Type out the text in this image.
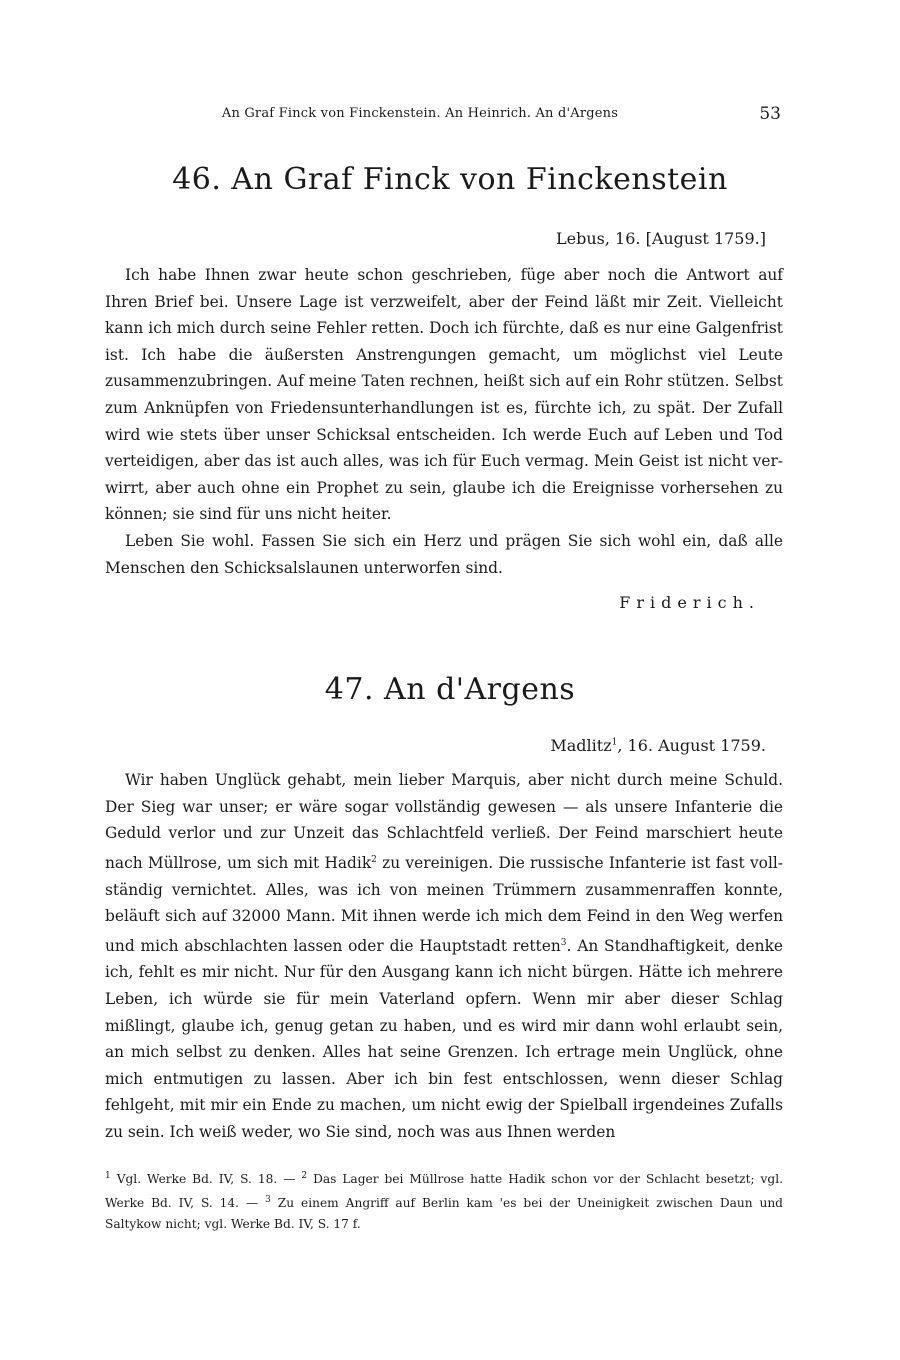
An Graf Finck von Finckenstein. An Heinrich. An d'Argens	53
46. An Graf Finck von Finckenstein
Lebus, 16. [August 1759.]

Ich habe Ihnen zwar heute schon geschrieben, füge aber noch die Antwort auf Ihren Brief bei. Unsere Lage ist verzweifelt, aber der Feind läßt mir Zeit. Vielleicht kann ich mich durch seine Fehler retten. Doch ich fürchte, daß es nur eine Galgenfrist ist. Ich habe die äußersten Anstrengungen gemacht, um möglichst viel Leute zusammenzubringen. Auf meine Taten rechnen, heißt sich auf ein Rohr stützen. Selbst zum Anknüpfen von Friedensunterhandlungen ist es, fürchte ich, zu spät. Der Zufall wird wie stets über unser Schicksal entscheiden. Ich werde Euch auf Leben und Tod verteidigen, aber das ist auch alles, was ich für Euch vermag. Mein Geist ist nicht verwirrt, aber auch ohne ein Prophet zu sein, glaube ich die Ereignisse vorhersehen zu können; sie sind für uns nicht heiter.

Leben Sie wohl. Fassen Sie sich ein Herz und prägen Sie sich wohl ein, daß alle Menschen den Schicksalslaunen unterworfen sind.

Friderich.
47. An d'Argens
Madlitz$^1$, 16. August 1759.

Wir haben Unglück gehabt, mein lieber Marquis, aber nicht durch meine Schuld. Der Sieg war unser; er wäre sogar vollständig gewesen — als unsere Infanterie die Geduld verlor und zur Unzeit das Schlachtfeld verließ. Der Feind marschiert heute nach Müllrose, um sich mit Hadik$^2$ zu vereinigen. Die russische Infanterie ist fast vollständig vernichtet. Alles, was ich von meinen Trümmern zusammenraffen konnte, beläuft sich auf 32000 Mann. Mit ihnen werde ich mich dem Feind in den Weg werfen und mich abschlachten lassen oder die Hauptstadt retten$^3$. An Standhaftigkeit, denke ich, fehlt es mir nicht. Nur für den Ausgang kann ich nicht bürgen. Hätte ich mehrere Leben, ich würde sie für mein Vaterland opfern. Wenn mir aber dieser Schlag mißlingt, glaube ich, genug getan zu haben, und es wird mir dann wohl erlaubt sein, an mich selbst zu denken. Alles hat seine Grenzen. Ich ertrage mein Unglück, ohne mich entmutigen zu lassen. Aber ich bin fest entschlossen, wenn dieser Schlag fehlgeht, mit mir ein Ende zu machen, um nicht ewig der Spielball irgendeines Zufalls zu sein. Ich weiß weder, wo Sie sind, noch was aus Ihnen werden

$^1$ Vgl. Werke Bd. IV, S. 18. — $^2$ Das Lager bei Müllrose hatte Hadik schon vor der Schlacht besetzt; vgl. Werke Bd. IV, S. 14. — $^3$ Zu einem Angriff auf Berlin kam 'es bei der Uneinigkeit zwischen Daun und Saltykow nicht; vgl. Werke Bd. IV, S. 17 f.
